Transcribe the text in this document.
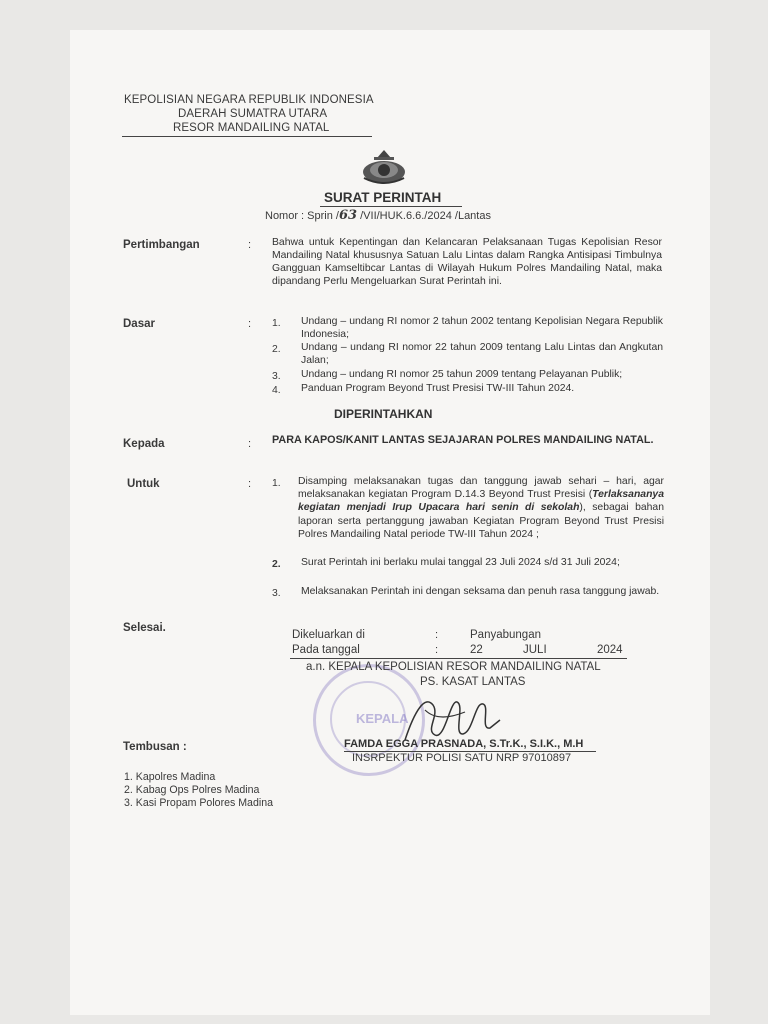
KEPOLISIAN NEGARA REPUBLIK INDONESIA
DAERAH SUMATRA UTARA
RESOR MANDAILING NATAL
SURAT PERINTAH
Nomor : Sprin /63 /VII/HUK.6.6./2024 /Lantas
Pertimbangan	: Bahwa untuk Kepentingan dan Kelancaran Pelaksanaan Tugas Kepolisian Resor Mandailing Natal khususnya Satuan Lalu Lintas dalam Rangka Antisipasi Timbulnya Gangguan Kamseltibcar Lantas di Wilayah Hukum Polres Mandailing Natal, maka dipandang Perlu Mengeluarkan Surat Perintah ini.
Dasar	: 1. Undang – undang RI nomor 2 tahun 2002 tentang Kepolisian Negara Republik Indonesia;
2. Undang – undang RI nomor 22 tahun 2009 tentang Lalu Lintas dan Angkutan Jalan;
3. Undang – undang RI nomor 25 tahun 2009 tentang Pelayanan Publik;
4. Panduan Program Beyond Trust Presisi TW-III Tahun 2024.
DIPERINTAHKAN
Kepada	: PARA KAPOS/KANIT LANTAS SEJAJARAN POLRES MANDAILING NATAL.
Untuk	: 1. Disamping melaksanakan tugas dan tanggung jawab sehari – hari, agar melaksanakan kegiatan Program D.14.3 Beyond Trust Presisi (Terlaksananya kegiatan menjadi Irup Upacara hari senin di sekolah), sebagai bahan laporan serta pertanggung jawaban Kegiatan Program Beyond Trust Presisi Polres Mandailing Natal periode TW-III Tahun 2024 ;
2. Surat Perintah ini berlaku mulai tanggal 23 Juli 2024 s/d 31 Juli 2024;
3. Melaksanakan Perintah ini dengan seksama dan penuh rasa tanggung jawab.
Selesai.
Dikeluarkan di	:	Panyabungan
Pada tanggal	:	22	JULI	2024
KEPALA
a.n. KEPALA KEPOLISIAN RESOR MANDAILING NATAL
PS. KASAT LANTAS
FAMDA EGGA PRASNADA, S.Tr.K., S.I.K., M.H
INSRPEKTUR POLISI SATU NRP 97010897
Tembusan :
1. Kapolres Madina
2. Kabag Ops Polres Madina
3. Kasi Propam Polores Madina
